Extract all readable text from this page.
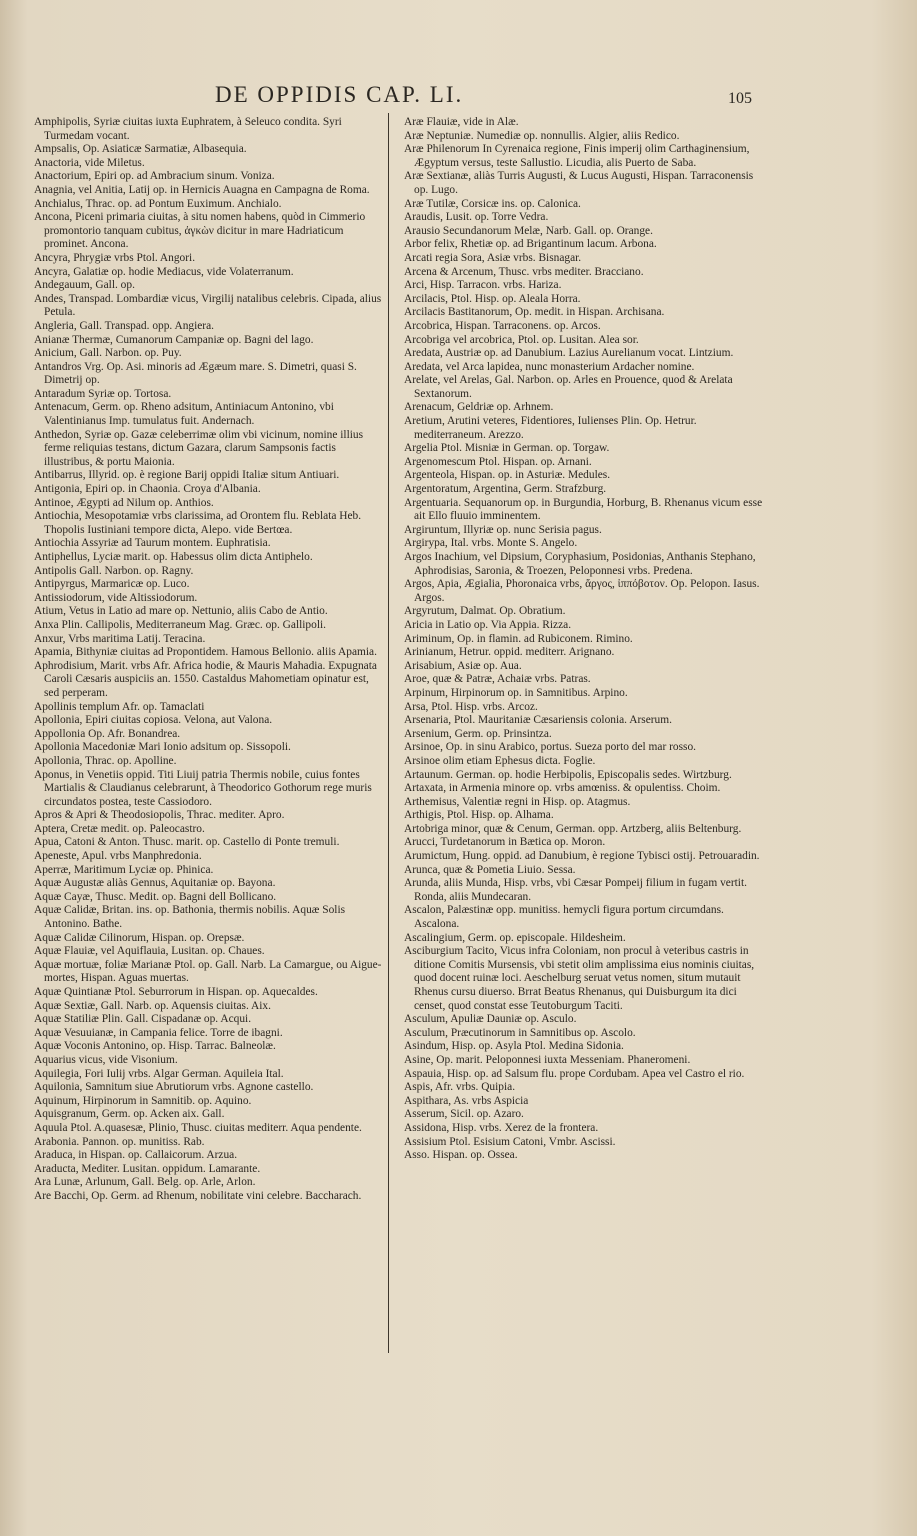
DE OPPIDIS CAP. LI.	105
Amphipolis, Syriæ ciuitas iuxta Euphratem, à Seleuco condita. Syri Turmedam vocant.
Ampsalis, Op. Asiaticæ Sarmatiæ, Albasequia.
Anactoria, vide Miletus.
Anactorium, Epiri op. ad Ambracium sinum. Voniza.
Anagnia, vel Anitia, Latij op. in Hernicis Auagna en Campagna de Roma.
Anchialus, Thrac. op. ad Pontum Euximum. Anchialo.
Ancona, Piceni primaria ciuitas, à situ nomen habens, quòd in Cimmerio promontorio tanquam cubitus, ἀγκὼν dicitur in mare Hadriaticum prominet. Ancona.
Ancyra, Phrygiæ vrbs Ptol. Angori.
Ancyra, Galatiæ op. hodie Mediacus, vide Volaterranum.
Andegauum, Gall. op.
Andes, Transpad. Lombardiæ vicus, Virgilij natalibus celebris. Cipada, alius Petula.
Angleria, Gall. Transpad. opp. Angiera.
Anianæ Thermæ, Cumanorum Campaniæ op. Bagni del lago.
Anicium, Gall. Narbon. op. Puy.
Antandros Vrg. Op. Asi. minoris ad Ægæum mare. S. Dimetri, quasi S. Dimetrij op.
Antaradum Syriæ op. Tortosa.
Antenacum, Germ. op. Rheno adsitum, Antiniacum Antonino, vbi Valentinianus Imp. tumulatus fuit. Andernach.
Anthedon, Syriæ op. Gazæ celeberrimæ olim vbi vicinum, nomine illius ferme reliquias testans, dictum Gazara, clarum Sampsonis factis illustribus, & portu Maionia.
Antibarrus, Illyrid. op. è regione Barij oppidi Italiæ situm Antiuari.
Antigonia, Epiri op. in Chaonia. Croya d'Albania.
Antinoe, Ægypti ad Nilum op. Anthios.
Antiochia, Mesopotamiæ vrbs clarissima, ad Orontem flu. Reblata Heb. Thopolis Iustiniani tempore dicta, Alepo. vide Bertœa.
Antiochia Assyriæ ad Taurum montem. Euphratisia.
Antiphellus, Lyciæ marit. op. Habessus olim dicta Antiphelo.
Antipolis Gall. Narbon. op. Ragny.
Antipyrgus, Marmaricæ op. Luco.
Antissiodorum, vide Altissiodorum.
Atium, Vetus in Latio ad mare op. Nettunio, aliis Cabo de Antio.
Anxa Plin. Callipolis, Mediterraneum Mag. Græc. op. Gallipoli.
Anxur, Vrbs maritima Latij. Teracina.
Apamia, Bithyniæ ciuitas ad Propontidem. Hamous Bellonio. aliis Apamia.
Aphrodisium, Marit. vrbs Afr. Africa hodie, & Mauris Mahadia. Expugnata Caroli Cæsaris auspiciis an. 1550. Castaldus Mahometiam opinatur est, sed perperam.
Apollinis templum Afr. op. Tamaclati
Apollonia, Epiri ciuitas copiosa. Velona, aut Valona.
Appollonia Op. Afr. Bonandrea.
Apollonia Macedoniæ Mari Ionio adsitum op. Sissopoli.
Apollonia, Thrac. op. Apolline.
Aponus, in Venetiis oppid. Titi Liuij patria Thermis nobile, cuius fontes Martialis & Claudianus celebrarunt, à Theodorico Gothorum rege muris circundatos postea, teste Cassiodoro.
Apros & Apri & Theodosiopolis, Thrac. mediter. Apro.
Aptera, Cretæ medit. op. Paleocastro.
Apua, Catoni & Anton. Thusc. marit. op. Castello di Ponte tremuli.
Apeneste, Apul. vrbs Manphredonia.
Aperræ, Maritimum Lyciæ op. Phinica.
Aquæ Augustæ aliàs Gennus, Aquitaniæ op. Bayona.
Aquæ Cayæ, Thusc. Medit. op. Bagni dell Bollicano.
Aquæ Calidæ, Britan. ins. op. Bathonia, thermis nobilis. Aquæ Solis Antonino. Bathe.
Aquæ Calidæ Cilinorum, Hispan. op. Orepsæ.
Aquæ Flauiæ, vel Aquiflauia, Lusitan. op. Chaues.
Aquæ mortuæ, foliæ Marianæ Ptol. op. Gall. Narb. La Camargue, ou Aigue-mortes, Hispan. Aguas muertas.
Aquæ Quintianæ Ptol. Seburrorum in Hispan. op. Aquecaldes.
Aquæ Sextiæ, Gall. Narb. op. Aquensis ciuitas. Aix.
Aquæ Statiliæ Plin. Gall. Cispadanæ op. Acqui.
Aquæ Vesuuianæ, in Campania felice. Torre de ibagni.
Aquæ Voconis Antonino, op. Hisp. Tarrac. Balneolæ.
Aquarius vicus, vide Visonium.
Aquilegia, Fori Iulij vrbs. Algar German. Aquileia Ital.
Aquilonia, Samnitum siue Abrutiorum vrbs. Agnone castello.
Aquinum, Hirpinorum in Samnitib. op. Aquino.
Aquisgranum, Germ. op. Acken aix. Gall.
Aquula Ptol. A.quasesæ, Plinio, Thusc. ciuitas mediterr. Aqua pendente.
Arabonia. Pannon. op. munitiss. Rab.
Araduca, in Hispan. op. Callaicorum. Arzua.
Araducta, Mediter. Lusitan. oppidum. Lamarante.
Ara Lunæ, Arlunum, Gall. Belg. op. Arle, Arlon.
Are Bacchi, Op. Germ. ad Rhenum, nobilitate vini celebre. Baccharach.
Aræ Flauiæ, vide in Alæ.
Aræ Neptuniæ. Numediæ op. nonnullis. Algier, aliis Redico.
Aræ Philenorum In Cyrenaica regione, Finis imperij olim Carthaginensium, Ægyptum versus, teste Sallustio. Licudia, alis Puerto de Saba.
Aræ Sextianæ, aliàs Turris Augusti, & Lucus Augusti, Hispan. Tarraconensis op. Lugo.
Aræ Tutilæ, Corsicæ ins. op. Calonica.
Araudis, Lusit. op. Torre Vedra.
Arausio Secundanorum Melæ, Narb. Gall. op. Orange.
Arbor felix, Rhetiæ op. ad Brigantinum lacum. Arbona.
Arcati regia Sora, Asiæ vrbs. Bisnagar.
Arcena & Arcenum, Thusc. vrbs mediter. Bracciano.
Arci, Hisp. Tarracon. vrbs. Hariza.
Arcilacis, Ptol. Hisp. op. Aleala Horra.
Arcilacis Bastitanorum, Op. medit. in Hispan. Archisana.
Arcobrica, Hispan. Tarraconens. op. Arcos.
Arcobriga vel arcobrica, Ptol. op. Lusitan. Alea sor.
Aredata, Austriæ op. ad Danubium. Lazius Aurelianum vocat. Lintzium.
Aredata, vel Arca lapidea, nunc monasterium Ardacher nomine.
Arelate, vel Arelas, Gal. Narbon. op. Arles en Prouence, quod & Arelata Sextanorum.
Arenacum, Geldriæ op. Arhnem.
Aretium, Arutini veteres, Fidentiores, Iulienses Plin. Op. Hetrur. mediterraneum. Arezzo.
Argelia Ptol. Misniæ in German. op. Torgaw.
Argenomescum Ptol. Hispan. op. Arnani.
Argenteola, Hispan. op. in Asturiæ. Medules.
Argentoratum, Argentina, Germ. Strafzburg.
Argentuaria. Sequanorum op. in Burgundia, Horburg, B. Rhenanus vicum esse ait Ello fluuio imminentem.
Argiruntum, Illyriæ op. nunc Serisia pagus.
Argirypa, Ital. vrbs. Monte S. Angelo.
Argos Inachium, vel Dipsium, Coryphasium, Posidonias, Anthanis Stephano, Aphrodisias, Saronia, & Troezen, Peloponnesi vrbs. Predena.
Argos, Apia, Ægialia, Phoronaica vrbs, ἄργος, ἱππόβοτον. Op. Pelopon. Iasus. Argos.
Argyrutum, Dalmat. Op. Obratium.
Aricia in Latio op. Via Appia. Rizza.
Ariminum, Op. in flamin. ad Rubiconem. Rimino.
Arinianum, Hetrur. oppid. mediterr. Arignano.
Arisabium, Asiæ op. Aua.
Aroe, quæ & Patræ, Achaiæ vrbs. Patras.
Arpinum, Hirpinorum op. in Samnitibus. Arpino.
Arsa, Ptol. Hisp. vrbs. Arcoz.
Arsenaria, Ptol. Mauritaniæ Cæsariensis colonia. Arserum.
Arsenium, Germ. op. Prinsintza.
Arsinoe, Op. in sinu Arabico, portus. Sueza porto del mar rosso.
Arsinoe olim etiam Ephesus dicta. Foglie.
Artaunum. German. op. hodie Herbipolis, Episcopalis sedes. Wirtzburg.
Artaxata, in Armenia minore op. vrbs amœniss. & opulentiss. Choim.
Arthemisus, Valentiæ regni in Hisp. op. Atagmus.
Arthigis, Ptol. Hisp. op. Alhama.
Artobriga minor, quæ & Cenum, German. opp. Artzberg, aliis Beltenburg.
Arucci, Turdetanorum in Bætica op. Moron.
Arumictum, Hung. oppid. ad Danubium, è regione Tybisci ostij. Petrouaradin.
Arunca, quæ & Pometia Liuio. Sessa.
Arunda, aliis Munda, Hisp. vrbs, vbi Cæsar Pompeij filium in fugam vertit. Ronda, aliis Mundecaran.
Ascalon, Palæstinæ opp. munitiss. hemycli figura portum circumdans. Ascalona.
Ascalingium, Germ. op. episcopale. Hildesheim.
Asciburgium Tacito, Vicus infra Coloniam, non procul à veteribus castris in ditione Comitis Mursensis, vbi stetit olim amplissima eius nominis ciuitas, quod docent ruinæ loci. Aeschelburg seruat vetus nomen, situm mutauit Rhenus cursu diuerso. Brrat Beatus Rhenanus, qui Duisburgum ita dici censet, quod constat esse Teutoburgum Taciti.
Asculum, Apuliæ Dauniæ op. Asculo.
Asculum, Præcutinorum in Samnitibus op. Ascolo.
Asindum, Hisp. op. Asyla Ptol. Medina Sidonia.
Asine, Op. marit. Peloponnesi iuxta Messeniam. Phaneromeni.
Aspauia, Hisp. op. ad Salsum flu. prope Cordubam. Apea vel Castro el rio.
Aspis, Afr. vrbs. Quipia.
Aspithara, As. vrbs Aspicia
Asserum, Sicil. op. Azaro.
Assidona, Hisp. vrbs. Xerez de la frontera.
Assisium Ptol. Esisium Catoni, Vmbr. Ascissi.
Asso. Hispan. op. Ossea.
